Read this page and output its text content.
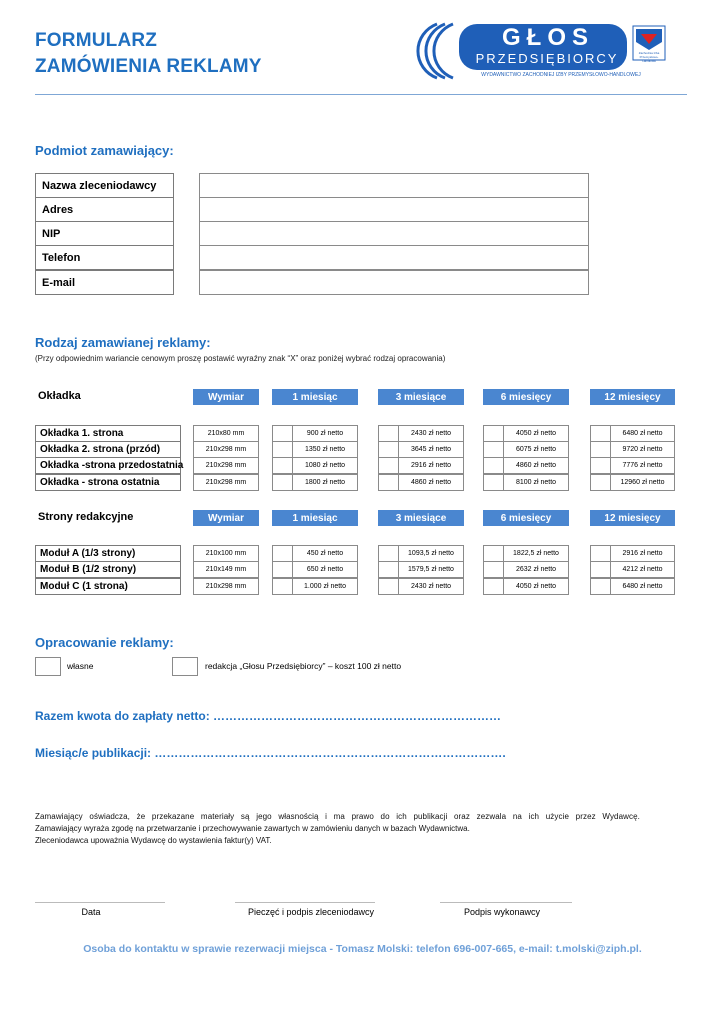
FORMULARZ
ZAMÓWIENIA REKLAMY
GŁOS
PRZEDSIĘBIORCY	Zachodnia Izba Przemysłowo-Handlowa
WYDAWNICTWO ZACHODNIEJ IZBY PRZEMYSŁOWO-HANDLOWEJ
Podmiot zamawiający:
Nazwa zleceniodawcy
Adres
NIP
Telefon
E-mail
Rodzaj zamawianej reklamy:
(Przy odpowiednim wariancie cenowym proszę postawić wyraźny znak “X” oraz poniżej wybrać rodzaj opracowania)
Okładka	Wymiar	1 miesiąc	3 miesiące	6 miesięcy	12 miesięcy
Okładka 1. strona	210x80 mm	900 zł netto	2430 zł netto	4050 zł netto	6480 zł netto
Okładka 2. strona (przód)	210x298 mm	1350 zł netto	3645 zł netto	6075 zł netto	9720 zł netto
Okładka -strona przedostatnia	210x298 mm	1080 zł netto	2916 zł netto	4860 zł netto	7776 zł netto
Okładka - strona ostatnia	210x298 mm	1800 zł netto	4860 zł netto	8100 zł netto	12960 zł netto
Strony redakcyjne	Wymiar	1 miesiąc	3 miesiące	6 miesięcy	12 miesięcy
Moduł A (1/3 strony)	210x100 mm	450 zł netto	1093,5 zł netto	1822,5 zł netto	2916 zł netto
Moduł B (1/2 strony)	210x149 mm	650 zł netto	1579,5 zł netto	2632 zł netto	4212 zł netto
Moduł C (1 strona)	210x298 mm	1.000 zł netto	2430 zł netto	4050 zł netto	6480 zł netto
Opracowanie reklamy:
własne	redakcja „Głosu Przedsiębiorcy” – koszt 100 zł netto
Razem kwota do zapłaty netto: ………………………………………………………………
Miesiąc/e publikacji: …………………………………………………………………………….
Zamawiający oświadcza, że przekazane materiały są jego własnością i ma prawo do ich publikacji oraz zezwala na ich użycie przez Wydawcę.
Zamawiający wyraża zgodę na przetwarzanie i przechowywanie zawartych w zamówieniu danych w bazach Wydawnictwa.
Zleceniodawca upoważnia Wydawcę do wystawienia faktur(y) VAT.
Data	Pieczęć i podpis zleceniodawcy	Podpis wykonawcy
Osoba do kontaktu w sprawie rezerwacji miejsca - Tomasz Molski: telefon 696-007-665, e-mail: t.molski@ziph.pl.
